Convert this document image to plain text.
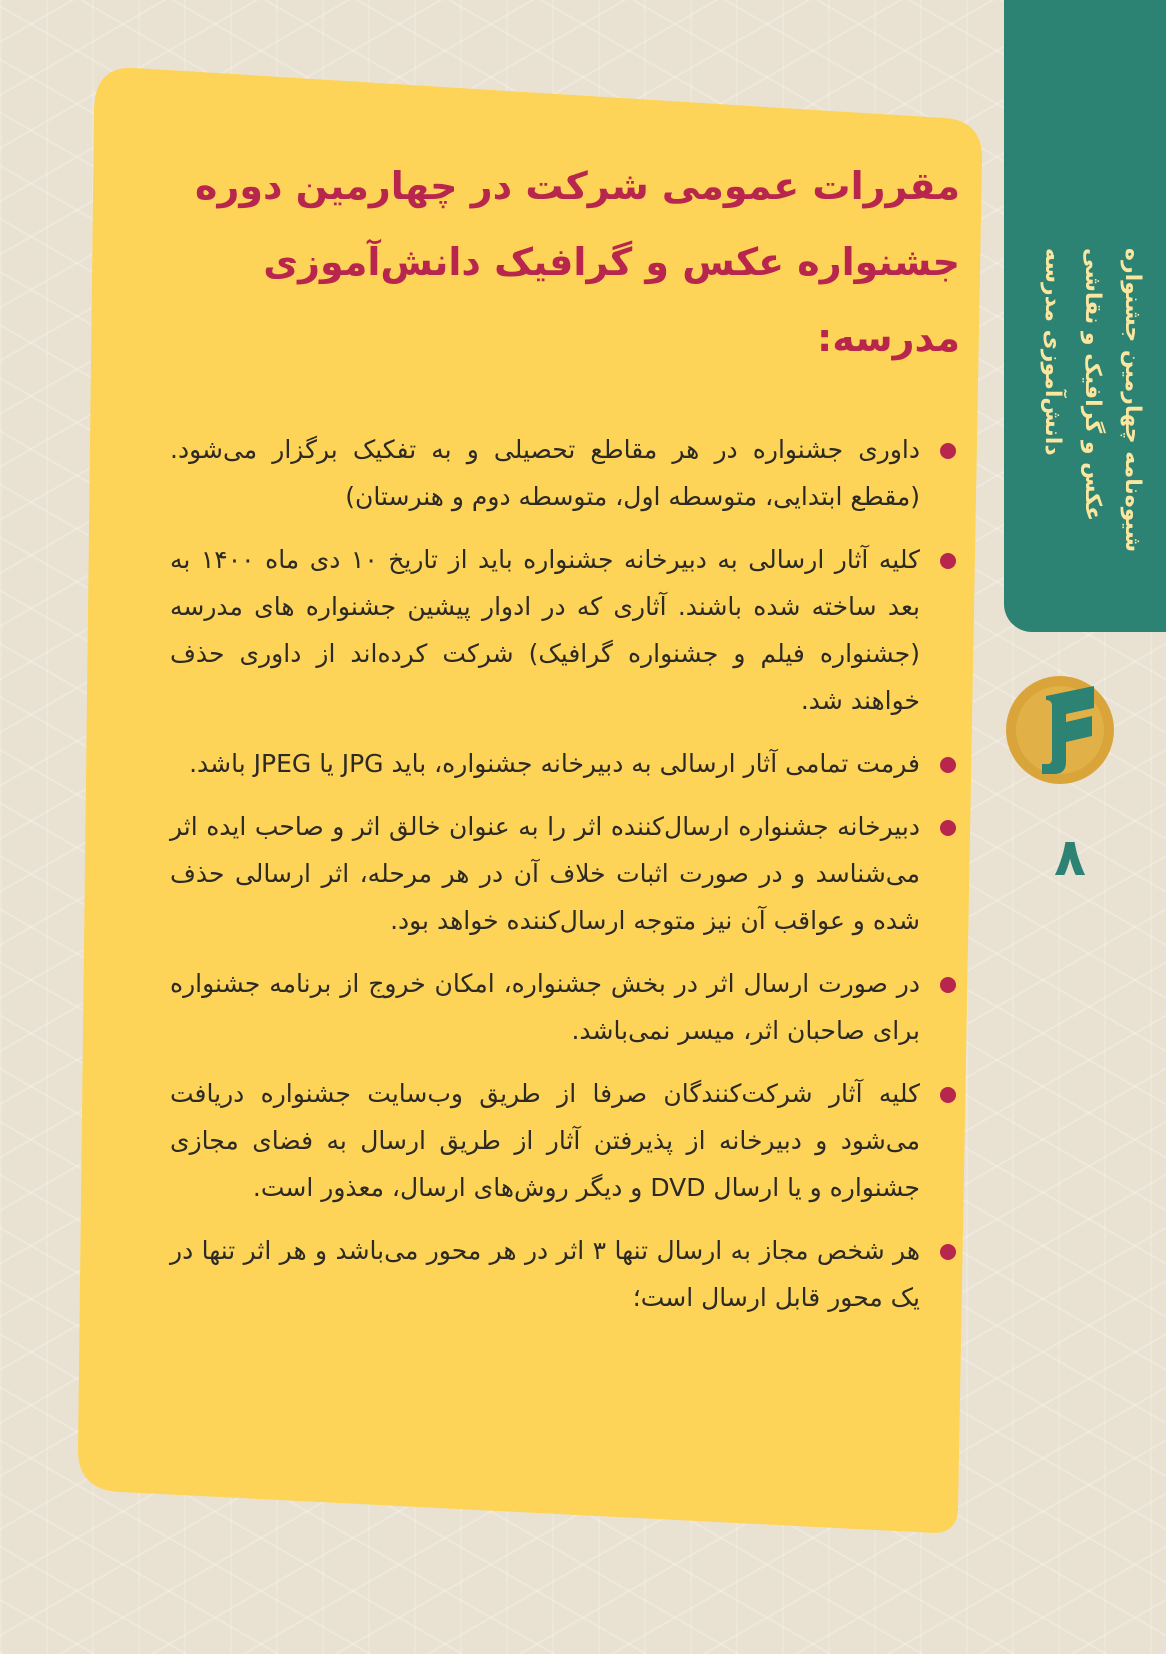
مقررات عمومی شرکت در چهارمین دوره
جشنواره عکس و گرافیک دانش‌آموزی مدرسه:
داوری جشنواره در هر مقاطع تحصیلی و به تفکیک برگزار می‌شود. (مقطع ابتدایی، متوسطه اول، متوسطه دوم و هنرستان)
کلیه آثار ارسالی به دبیرخانه جشنواره باید از تاریخ ۱۰ دی ماه ۱۴۰۰ به بعد ساخته شده باشند. آثاری که در ادوار پیشین جشنواره های مدرسه (جشنواره فیلم و جشنواره گرافیک) شرکت کرده‌اند از داوری حذف خواهند شد.
فرمت تمامی آثار ارسالی به دبیرخانه جشنواره، باید JPG یا JPEG باشد.
دبیرخانه جشنواره ارسال‌کننده اثر را به عنوان خالق اثر و صاحب ایده اثر می‌شناسد و در صورت اثبات خلاف آن در هر مرحله، اثر ارسالی حذف شده و عواقب آن نیز متوجه ارسال‌کننده خواهد بود.
در صورت ارسال اثر در بخش جشنواره، امکان خروج از برنامه جشنواره برای صاحبان اثر، میسر نمی‌باشد.
کلیه آثار شرکت‌کنندگان صرفا از طریق وب‌سایت جشنواره دریافت می‌شود و دبیرخانه از پذیرفتن آثار از طریق ارسال به فضای مجازی جشنواره و یا ارسال DVD و دیگر روش‌های ارسال، معذور است.
هر شخص مجاز به ارسال تنها ۳ اثر در هر محور می‌باشد و هر اثر تنها در یک محور قابل ارسال است؛
شیوه‌نامه چهارمین جشنواره
عکس و گرافیک و نقاشی
دانش‌آموزی مدرسه
۸
